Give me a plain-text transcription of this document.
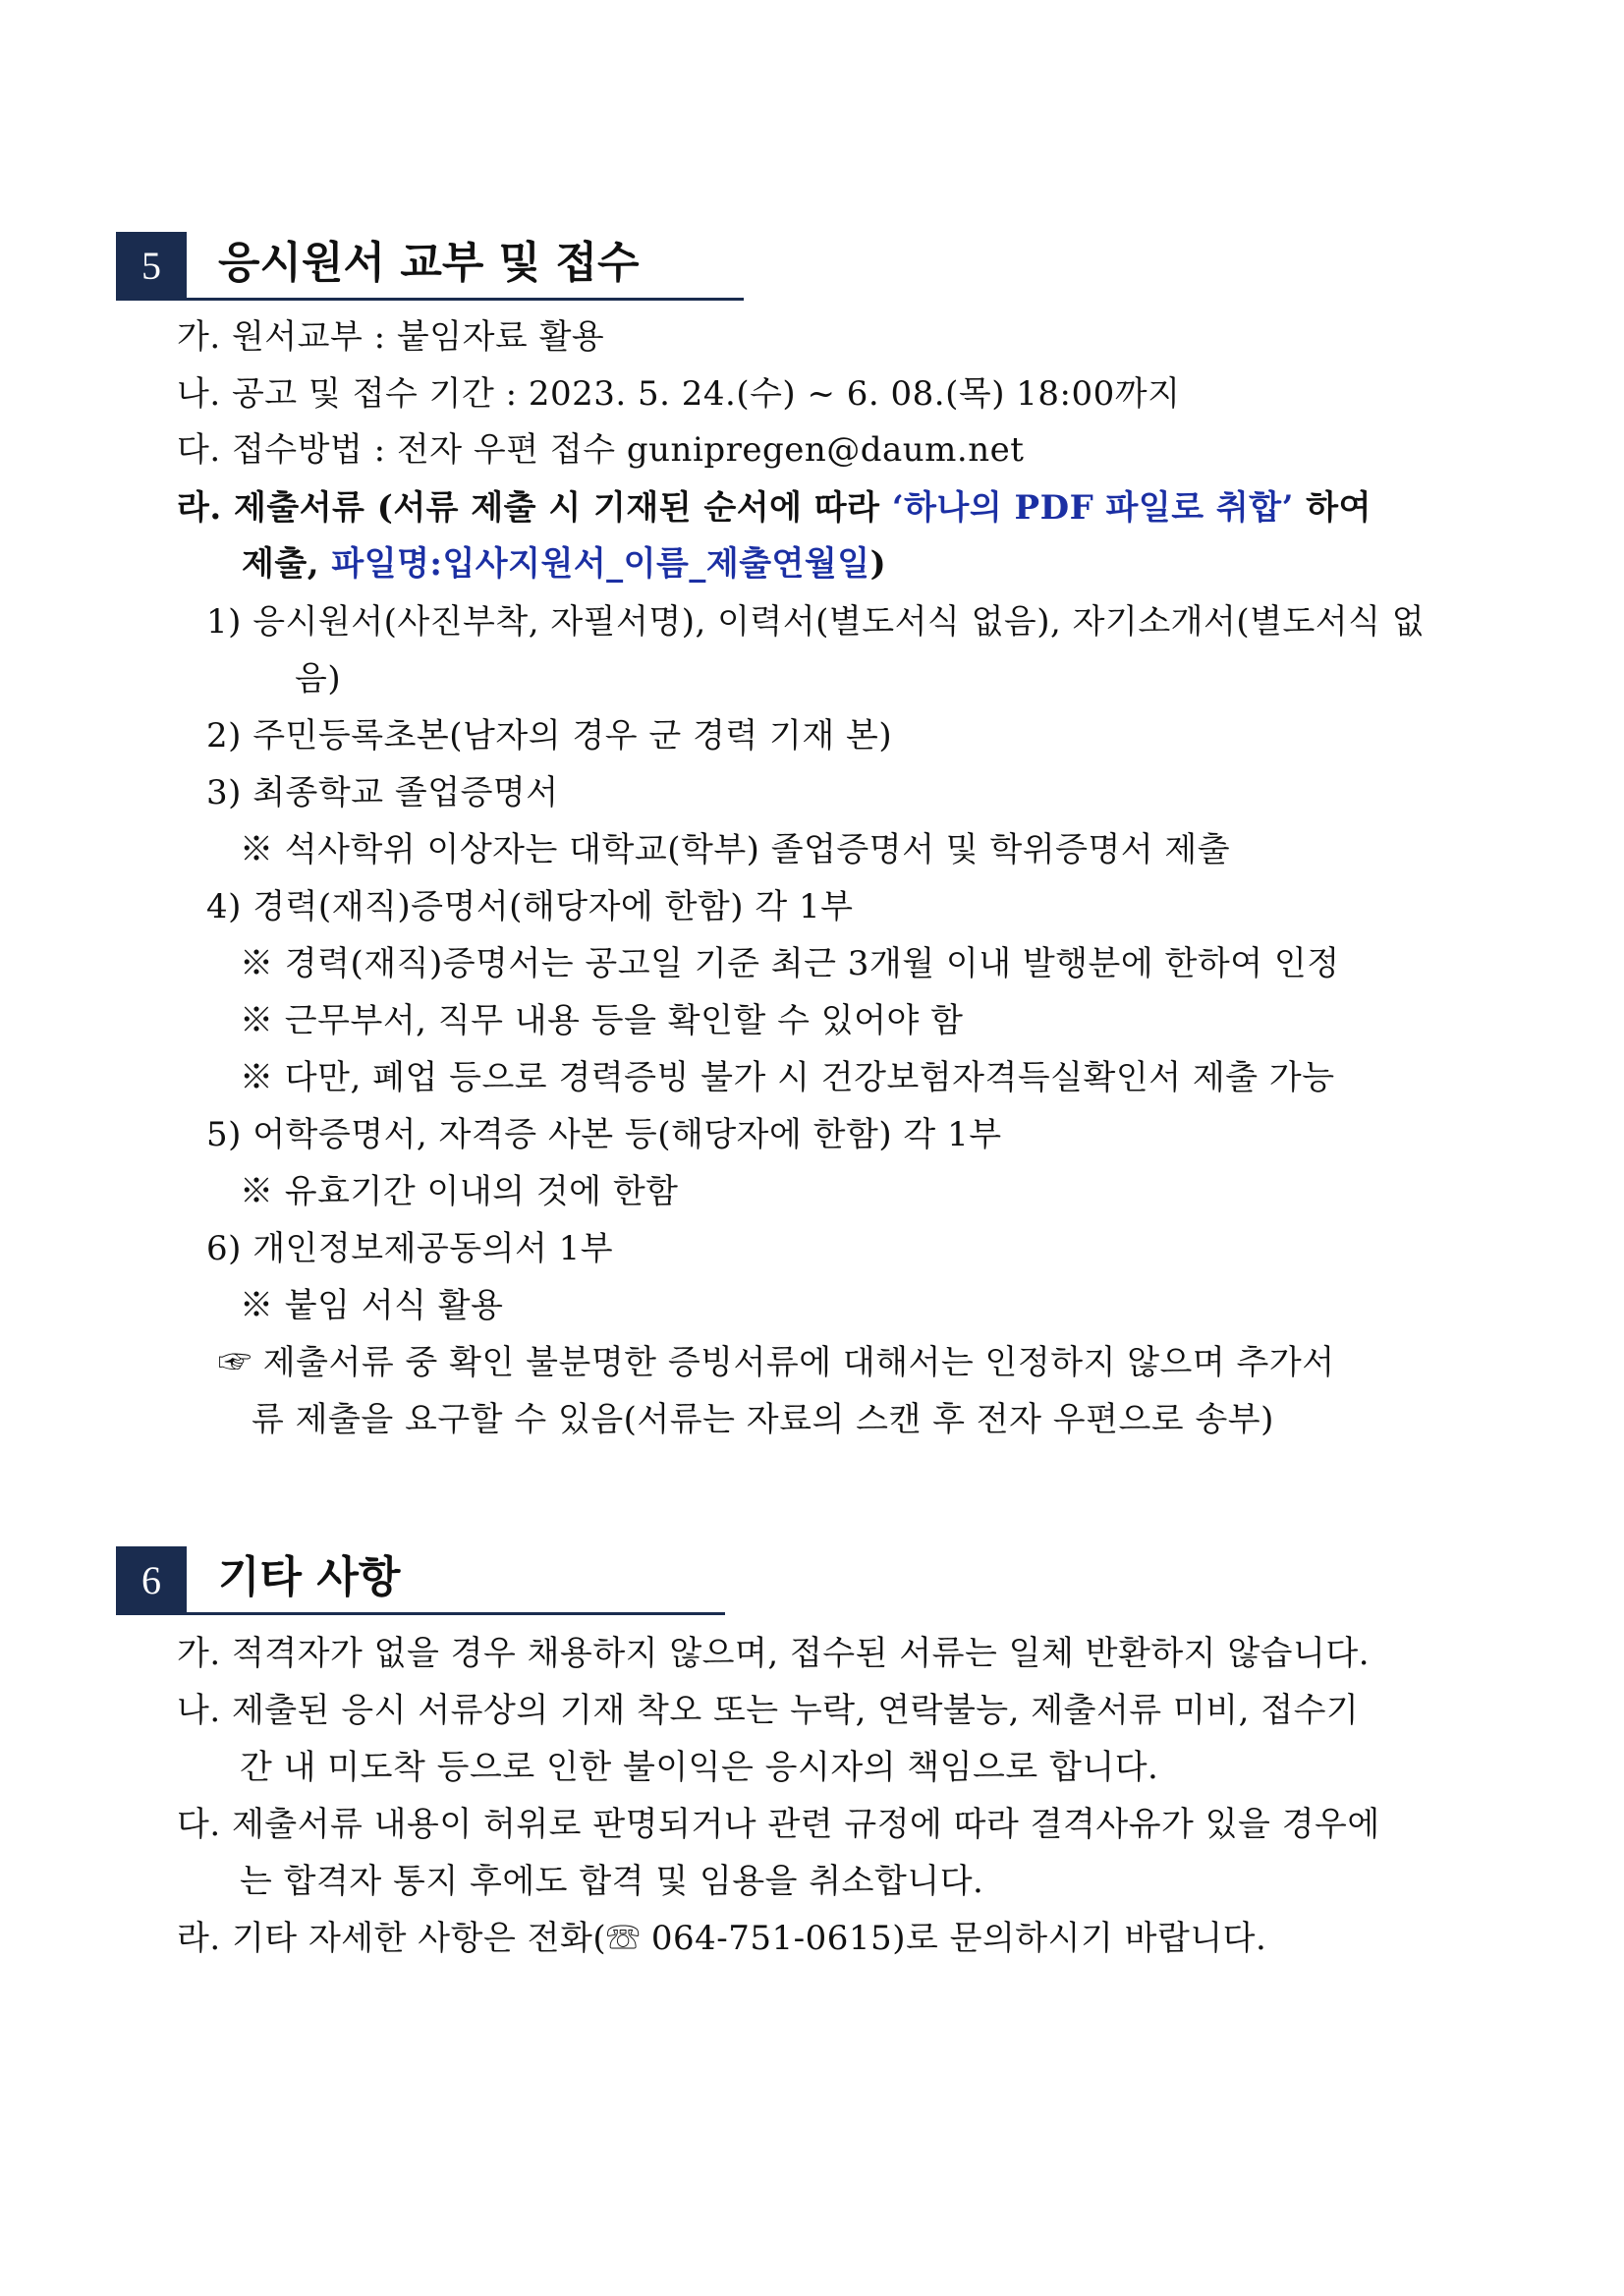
5	응시원서 교부 및 접수
가. 원서교부 : 붙임자료 활용
나. 공고 및 접수 기간 : 2023. 5. 24.(수) ~ 6. 08.(목) 18:00까지
다. 접수방법 : 전자 우편 접수 gunipregen@daum.net
라. 제출서류 (서류 제출 시 기재된 순서에 따라 ‘하나의 PDF 파일로 취합’ 하여
제출, 파일명:입사지원서_이름_제출연월일)
1) 응시원서(사진부착, 자필서명), 이력서(별도서식 없음), 자기소개서(별도서식 없
음)
2) 주민등록초본(남자의 경우 군 경력 기재 본)
3) 최종학교 졸업증명서
※ 석사학위 이상자는 대학교(학부) 졸업증명서 및 학위증명서 제출
4) 경력(재직)증명서(해당자에 한함) 각 1부
※ 경력(재직)증명서는 공고일 기준 최근 3개월 이내 발행분에 한하여 인정
※ 근무부서, 직무 내용 등을 확인할 수 있어야 함
※ 다만, 폐업 등으로 경력증빙 불가 시 건강보험자격득실확인서 제출 가능
5) 어학증명서, 자격증 사본 등(해당자에 한함) 각 1부
※ 유효기간 이내의 것에 한함
6) 개인정보제공동의서 1부
※ 붙임 서식 활용
☞ 제출서류 중 확인 불분명한 증빙서류에 대해서는 인정하지 않으며 추가서
류 제출을 요구할 수 있음(서류는 자료의 스캔 후 전자 우편으로 송부)
6	기타 사항
가. 적격자가 없을 경우 채용하지 않으며, 접수된 서류는 일체 반환하지 않습니다.
나. 제출된 응시 서류상의 기재 착오 또는 누락, 연락불능, 제출서류 미비, 접수기
간 내 미도착 등으로 인한 불이익은 응시자의 책임으로 합니다.
다. 제출서류 내용이 허위로 판명되거나 관련 규정에 따라 결격사유가 있을 경우에
는 합격자 통지 후에도 합격 및 임용을 취소합니다.
라. 기타 자세한 사항은 전화(☏ 064-751-0615)로 문의하시기 바랍니다.
